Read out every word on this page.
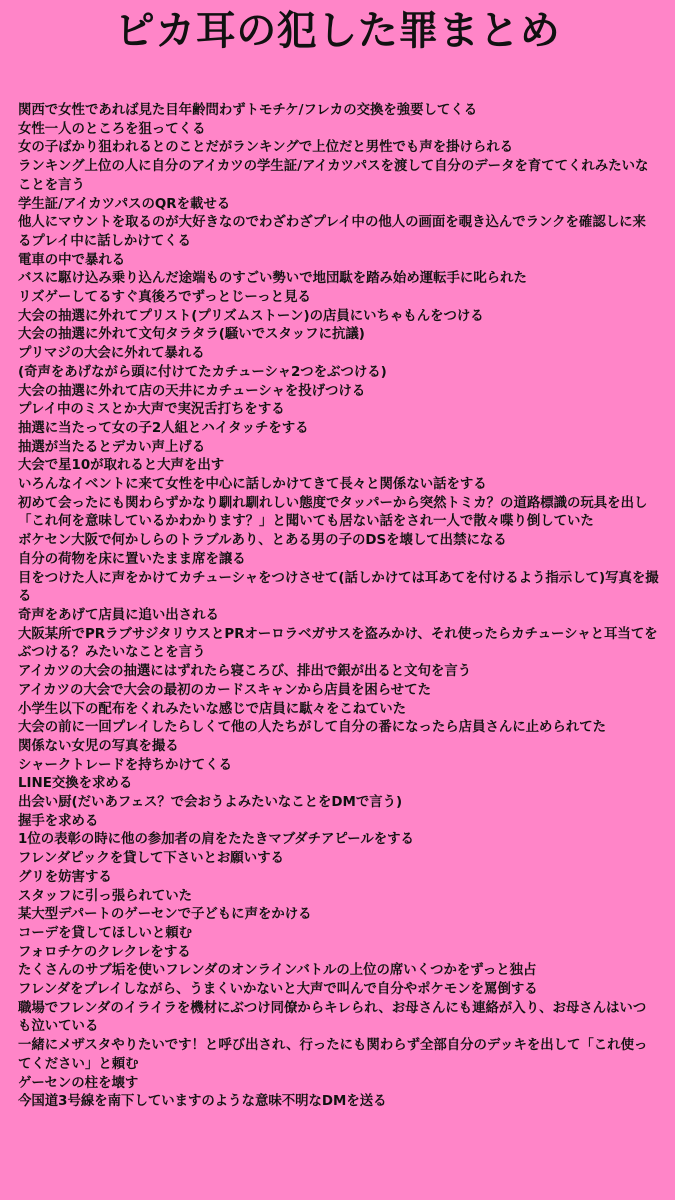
ピカ耳の犯した罪まとめ
関西で女性であれば見た目年齢問わずトモチケ/フレカの交換を強要してくる
女性一人のところを狙ってくる
女の子ばかり狙われるとのことだがランキングで上位だと男性でも声を掛けられる
ランキング上位の人に自分のアイカツの学生証/アイカツパスを渡して自分のデータを育ててくれみたいなことを言う
学生証/アイカツパスのQRを載せる
他人にマウントを取るのが大好きなのでわざわざプレイ中の他人の画面を覗き込んでランクを確認しに来るプレイ中に話しかけてくる
電車の中で暴れる
バスに駆け込み乗り込んだ途端ものすごい勢いで地団駄を踏み始め運転手に叱られた
リズゲーしてるすぐ真後ろでずっとじーっと見る
大会の抽選に外れてプリスト(プリズムストーン)の店員にいちゃもんをつける
大会の抽選に外れて文句タラタラ(騒いでスタッフに抗議)
プリマジの大会に外れて暴れる
(奇声をあげながら頭に付けてたカチューシャ2つをぶつける)
大会の抽選に外れて店の天井にカチューシャを投げつける
プレイ中のミスとか大声で実況舌打ちをする
抽選に当たって女の子2人組とハイタッチをする
抽選が当たるとデカい声上げる
大会で星10が取れると大声を出す
いろんなイベントに来て女性を中心に話しかけてきて長々と関係ない話をする
初めて会ったにも関わらずかなり馴れ馴れしい態度でタッパーから突然トミカ？の道路標識の玩具を出し「これ何を意味しているかわかります？」と聞いても居ない話をされ一人で散々喋り倒していた
ボケセン大阪で何かしらのトラブルあり、とある男の子のDSを壊して出禁になる
自分の荷物を床に置いたまま席を譲る
目をつけた人に声をかけてカチューシャをつけさせて(話しかけては耳あてを付けるよう指示して)写真を撮る
奇声をあげて店員に追い出される
大阪某所でPRラブサジタリウスとPRオーロラベガサスを盗みかけ、それ使ったらカチューシャと耳当てをぶつける？みたいなことを言う
アイカツの大会の抽選にはずれたら寝ころび、排出で銀が出ると文句を言う
アイカツの大会で大会の最初のカードスキャンから店員を困らせてた
小学生以下の配布をくれみたいな感じで店員に駄々をこねていた
大会の前に一回プレイしたらしくて他の人たちがして自分の番になったら店員さんに止められてた
関係ない女児の写真を撮る
シャークトレードを持ちかけてくる
LINE交換を求める
出会い厨(だいあフェス？で会おうよみたいなことをDMで言う)
握手を求める
1位の表彰の時に他の参加者の肩をたたきマブダチアピールをする
フレンダピックを貸して下さいとお願いする
グリを妨害する
スタッフに引っ張られていた
某大型デパートのゲーセンで子どもに声をかける
コーデを貸してほしいと頼む
フォロチケのクレクレをする
たくさんのサブ垢を使いフレンダのオンラインバトルの上位の席いくつかをずっと独占
フレンダをプレイしながら、うまくいかないと大声で叫んで自分やポケモンを罵倒する
職場でフレンダのイライラを機材にぶつけ同僚からキレられ、お母さんにも連絡が入り、お母さんはいつも泣いている
一緒にメザスタやりたいです！と呼び出され、行ったにも関わらず全部自分のデッキを出して「これ使ってください」と頼む
ゲーセンの柱を壊す
今国道3号線を南下していますのような意味不明なDMを送る
